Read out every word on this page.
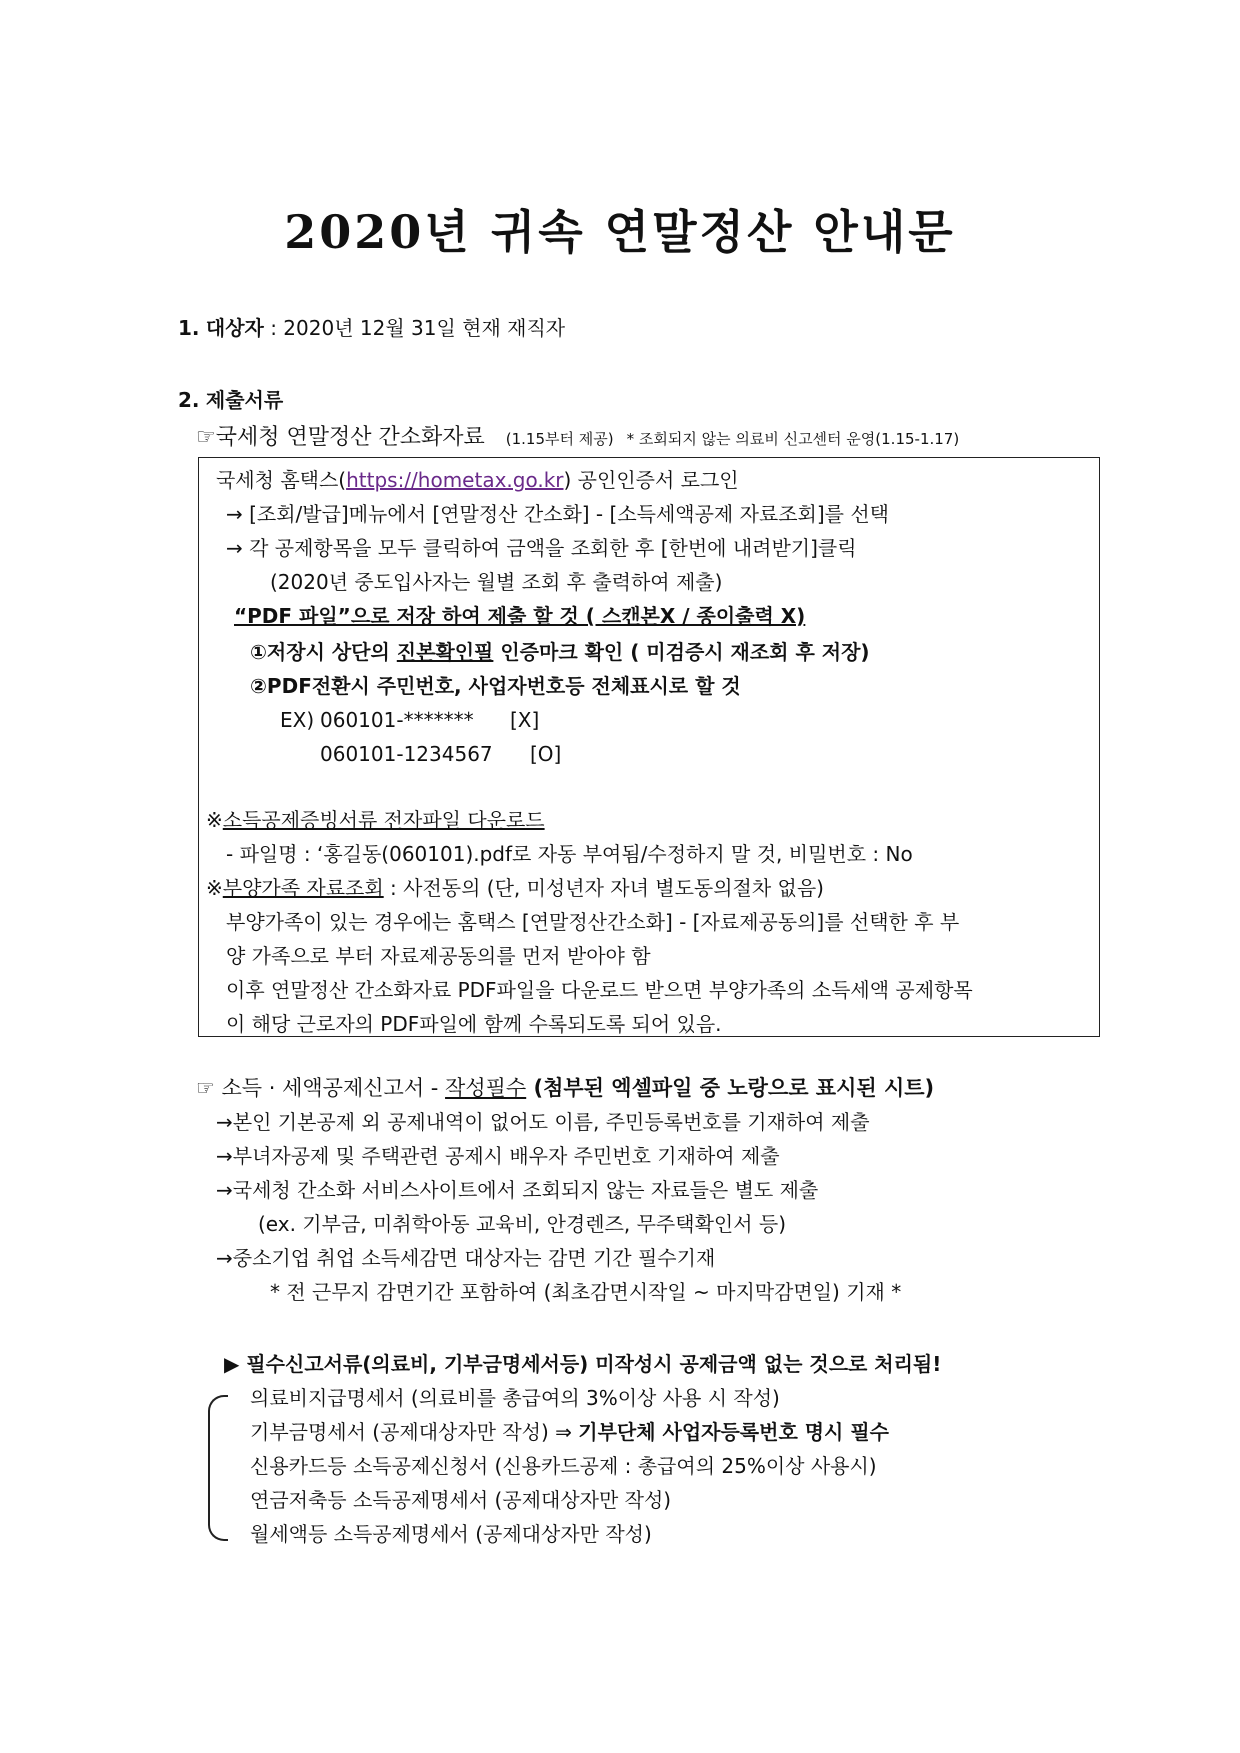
2020년 귀속 연말정산 안내문
1. 대상자 : 2020년 12월 31일 현재 재직자
2. 제출서류
☞국세청 연말정산 간소화자료 (1.15부터 제공) * 조회되지 않는 의료비 신고센터 운영(1.15-1.17)
국세청 홈택스(https://hometax.go.kr) 공인인증서 로그인
→ [조회/발급]메뉴에서 [연말정산 간소화] - [소득세액공제 자료조회]를 선택
→ 각 공제항목을 모두 클릭하여 금액을 조회한 후 [한번에 내려받기]클릭
(2020년 중도입사자는 월별 조회 후 출력하여 제출)
“PDF 파일”으로 저장 하여 제출 할 것 ( 스캔본X / 종이출력 X)
①저장시 상단의 진본확인필 인증마크 확인 ( 미검증시 재조회 후 저장)
②PDF전환시 주민번호, 사업자번호등 전체표시로 할 것
EX) 060101-******* [X]
060101-1234567 [O]
※소득공제증빙서류 전자파일 다운로드
- 파일명 : ‘홍길동(060101).pdf로 자동 부여됨/수정하지 말 것, 비밀번호 : No
※부양가족 자료조회 : 사전동의 (단, 미성년자 자녀 별도동의절차 없음)
부양가족이 있는 경우에는 홈택스 [연말정산간소화] - [자료제공동의]를 선택한 후 부
양 가족으로 부터 자료제공동의를 먼저 받아야 함
이후 연말정산 간소화자료 PDF파일을 다운로드 받으면 부양가족의 소득세액 공제항목
이 해당 근로자의 PDF파일에 함께 수록되도록 되어 있음.
☞ 소득 · 세액공제신고서 - 작성필수 (첨부된 엑셀파일 중 노랑으로 표시된 시트)
→본인 기본공제 외 공제내역이 없어도 이름, 주민등록번호를 기재하여 제출
→부녀자공제 및 주택관련 공제시 배우자 주민번호 기재하여 제출
→국세청 간소화 서비스사이트에서 조회되지 않는 자료들은 별도 제출
(ex. 기부금, 미취학아동 교육비, 안경렌즈, 무주택확인서 등)
→중소기업 취업 소득세감면 대상자는 감면 기간 필수기재
* 전 근무지 감면기간 포함하여 (최초감면시작일 ~ 마지막감면일) 기재 *
▶ 필수신고서류(의료비, 기부금명세서등) 미작성시 공제금액 없는 것으로 처리됨!
의료비지급명세서 (의료비를 총급여의 3%이상 사용 시 작성)
기부금명세서 (공제대상자만 작성) ⇒ 기부단체 사업자등록번호 명시 필수
신용카드등 소득공제신청서 (신용카드공제 : 총급여의 25%이상 사용시)
연금저축등 소득공제명세서 (공제대상자만 작성)
월세액등 소득공제명세서 (공제대상자만 작성)
